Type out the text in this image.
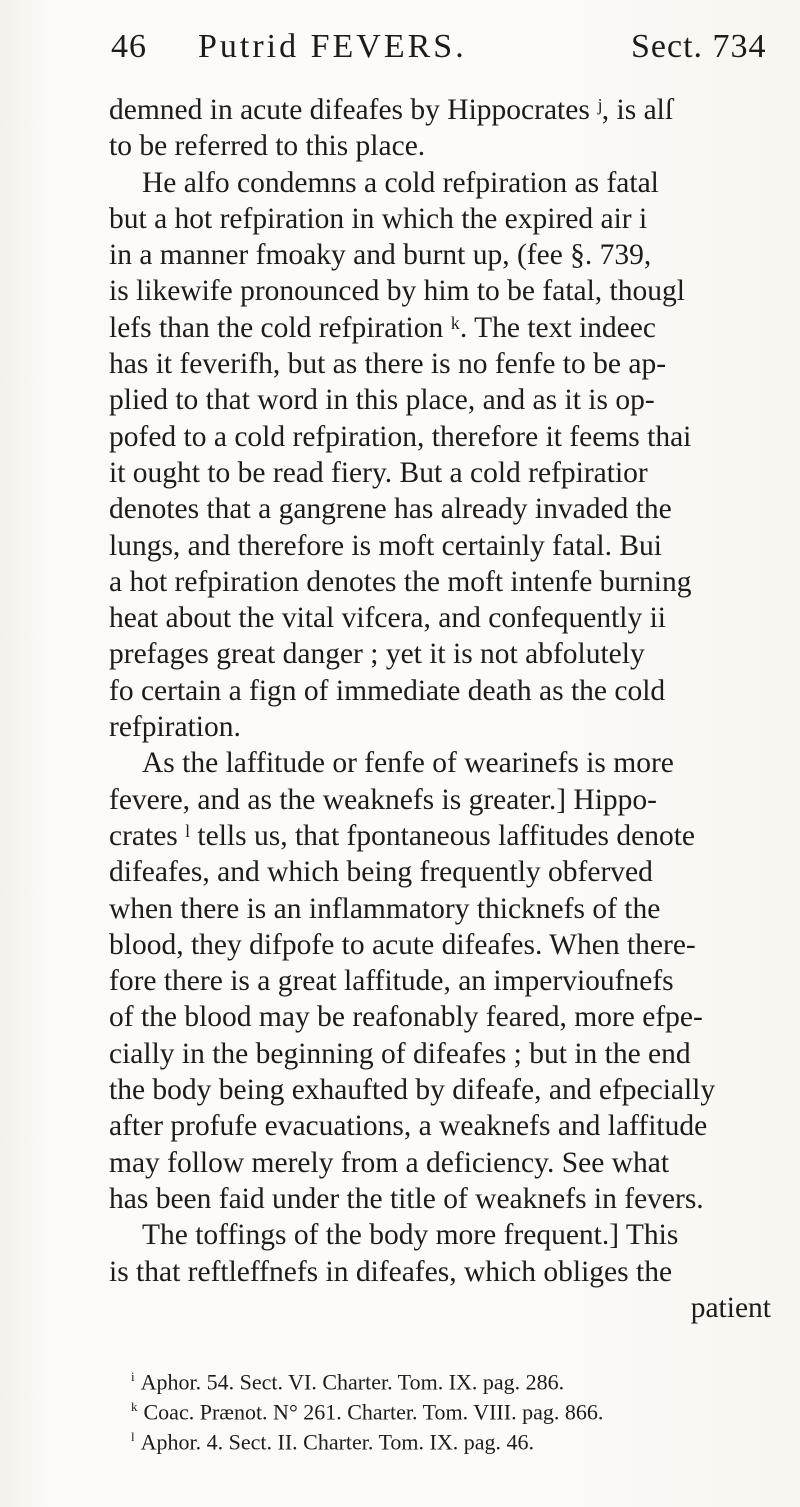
46 Putrid FEVERS.	Sect. 734
demned in acute difeafes by Hippocrates ʲ, is alſ
to be referred to this place.
He alfo condemns a cold refpiration as fatal
but a hot refpiration in which the expired air i
in a manner fmoaky and burnt up, (fee §. 739,
is likewife pronounced by him to be fatal, thougl
lefs than the cold refpiration ᵏ. The text indeec
has it feverifh, but as there is no fenfe to be ap-
plied to that word in this place, and as it is op-
pofed to a cold refpiration, therefore it feems thai
it ought to be read fiery. But a cold refpiratior
denotes that a gangrene has already invaded the
lungs, and therefore is moft certainly fatal. Bui
a hot refpiration denotes the moft intenfe burning
heat about the vital vifcera, and confequently ii
prefages great danger ; yet it is not abfolutely
fo certain a fign of immediate death as the cold
refpiration.
As the laffitude or fenfe of wearinefs is more
fevere, and as the weaknefs is greater.] Hippo-
crates ˡ tells us, that fpontaneous laffitudes denote
difeafes, and which being frequently obferved
when there is an inflammatory thicknefs of the
blood, they difpofe to acute difeafes. When there-
fore there is a great laffitude, an impervioufnefs
of the blood may be reafonably feared, more efpe-
cially in the beginning of difeafes ; but in the end
the body being exhaufted by difeafe, and efpecially
after profufe evacuations, a weaknefs and laffitude
may follow merely from a deficiency. See what
has been faid under the title of weaknefs in fevers.
The toffings of the body more frequent.] This
is that reftleffnefs in difeafes, which obliges the
patient
$^i$ Aphor. 54. Sect. VI. Charter. Tom. IX. pag. 286.
$^k$ Coac. Prænot. N° 261. Charter. Tom. VIII. pag. 866.
$^l$ Aphor. 4. Sect. II. Charter. Tom. IX. pag. 46.
